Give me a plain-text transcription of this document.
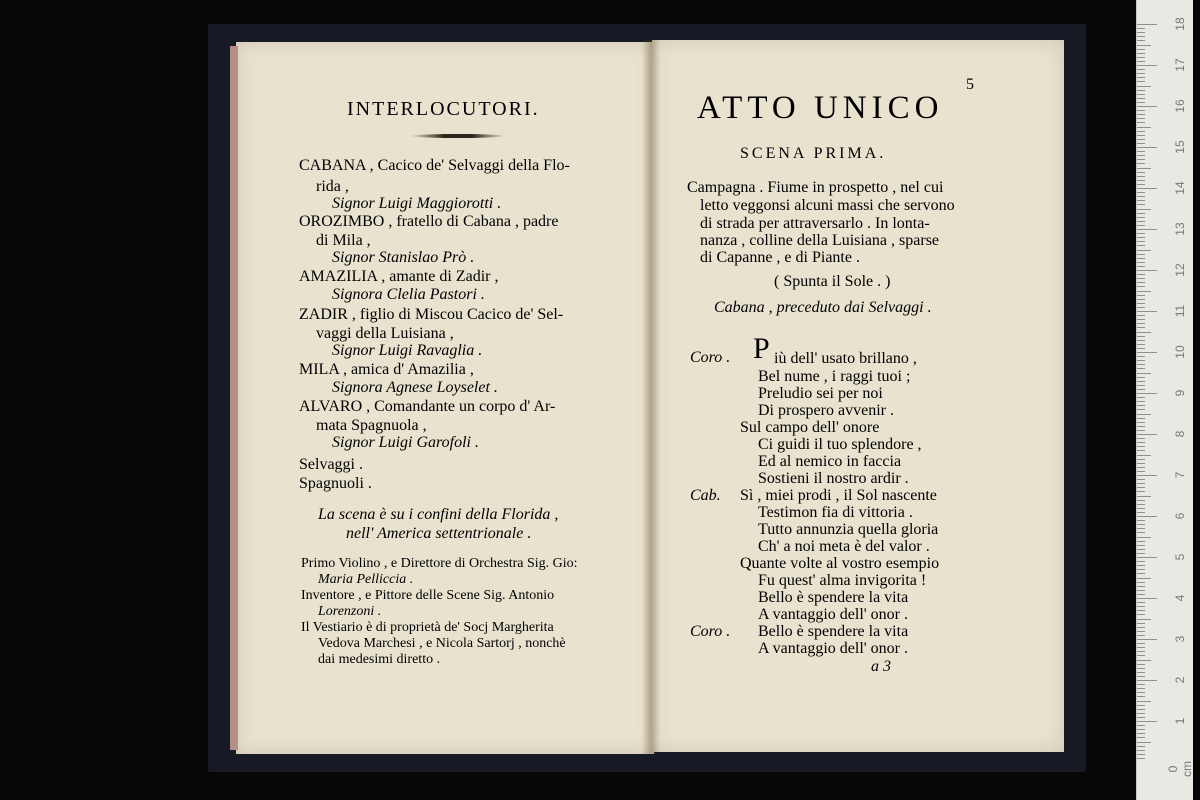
INTERLOCUTORI.
CABANA , Cacico de' Selvaggi della Flo-
rida ,
Signor Luigi Maggiorotti .
OROZIMBO , fratello di Cabana , padre
di Mila ,
Signor Stanislao Prò .
AMAZILIA , amante di Zadir ,
Signora Clelia Pastori .
ZADIR , figlio di Miscou Cacico de' Sel-
vaggi della Luisiana ,
Signor Luigi Ravaglia .
MILA , amica d' Amazilia ,
Signora Agnese Loyselet .
ALVARO , Comandante un corpo d' Ar-
mata Spagnuola ,
Signor Luigi Garofoli .
Selvaggi .
Spagnuoli .
La scena è su i confini della Florida ,
nell' America settentrionale .
Primo Violino , e Direttore di Orchestra Sig. Gio:
Maria Pelliccia .
Inventore , e Pittore delle Scene Sig. Antonio
Lorenzoni .
Il Vestiario è di proprietà de' Socj Margherita
Vedova Marchesi , e Nicola Sartorj , nonchè
dai medesimi diretto .
5
ATTO UNICO
SCENA PRIMA.
Campagna . Fiume in prospetto , nel cui
letto veggonsi alcuni massi che servono
di strada per attraversarlo . In lonta-
nanza , colline della Luisiana , sparse
di Capanne , e di Piante .
( Spunta il Sole . )
Cabana , preceduto dai Selvaggi .
Coro . P iù dell' usato brillano ,
Bel nume , i raggi tuoi ;
Preludio sei per noi
Di prospero avvenir .
Sul campo dell' onore
Ci guidi il tuo splendore ,
Ed al nemico in faccia
Sostieni il nostro ardir .
Cab. Sì , miei prodi , il Sol nascente
Testimon fia di vittoria .
Tutto annunzia quella gloria
Ch' a noi meta è del valor .
Quante volte al vostro esempio
Fu quest' alma invigorita !
Bello è spendere la vita
A vantaggio dell' onor .
Coro . Bello è spendere la vita
A vantaggio dell' onor .
a 3
18
17
16
15
14
13
12
11
10
9
8
7
6
5
4
3
2
1
0 cm
